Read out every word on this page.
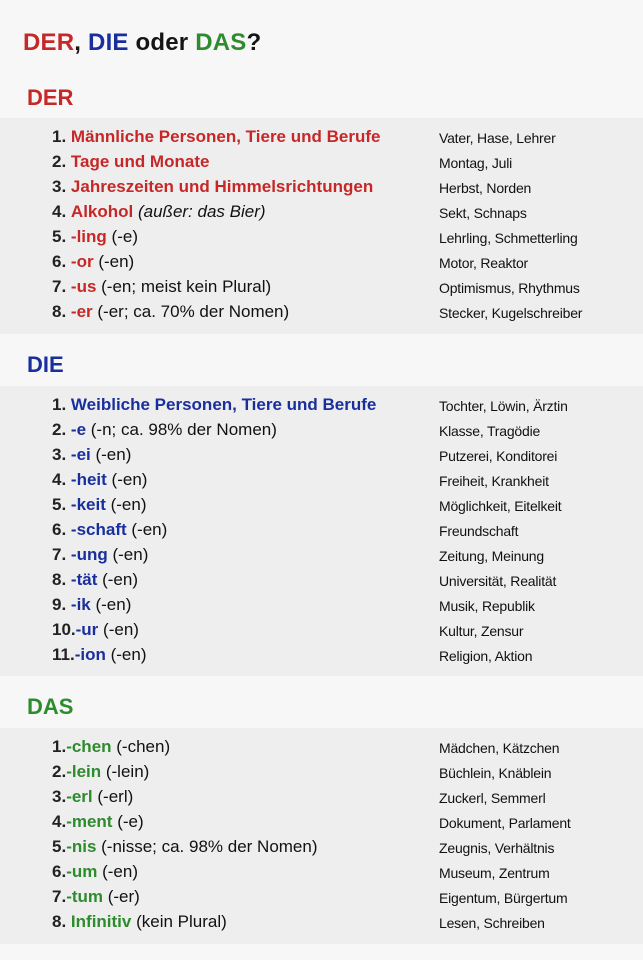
DER, DIE oder DAS?
DER
1. Männliche Personen, Tiere und Berufe	Vater, Hase, Lehrer
2. Tage und Monate	Montag, Juli
3. Jahreszeiten und Himmelsrichtungen	Herbst, Norden
4. Alkohol (außer: das Bier)	Sekt, Schnaps
5. -ling (-e)	Lehrling, Schmetterling
6. -or (-en)	Motor, Reaktor
7. -us (-en; meist kein Plural)	Optimismus, Rhythmus
8. -er (-er; ca. 70% der Nomen)	Stecker, Kugelschreiber
DIE
1. Weibliche Personen, Tiere und Berufe	Tochter, Löwin, Ärztin
2. -e (-n; ca. 98% der Nomen)	Klasse, Tragödie
3. -ei (-en)	Putzerei, Konditorei
4. -heit (-en)	Freiheit, Krankheit
5. -keit (-en)	Möglichkeit, Eitelkeit
6. -schaft (-en)	Freundschaft
7. -ung (-en)	Zeitung, Meinung
8. -tät (-en)	Universität, Realität
9. -ik (-en)	Musik, Republik
10.-ur (-en)	Kultur, Zensur
11.-ion (-en)	Religion, Aktion
DAS
1.-chen (-chen)	Mädchen, Kätzchen
2.-lein (-lein)	Büchlein, Knäblein
3.-erl (-erl)	Zuckerl, Semmerl
4.-ment (-e)	Dokument, Parlament
5.-nis (-nisse; ca. 98% der Nomen)	Zeugnis, Verhältnis
6.-um (-en)	Museum, Zentrum
7.-tum (-er)	Eigentum, Bürgertum
8. Infinitiv (kein Plural)	Lesen, Schreiben
